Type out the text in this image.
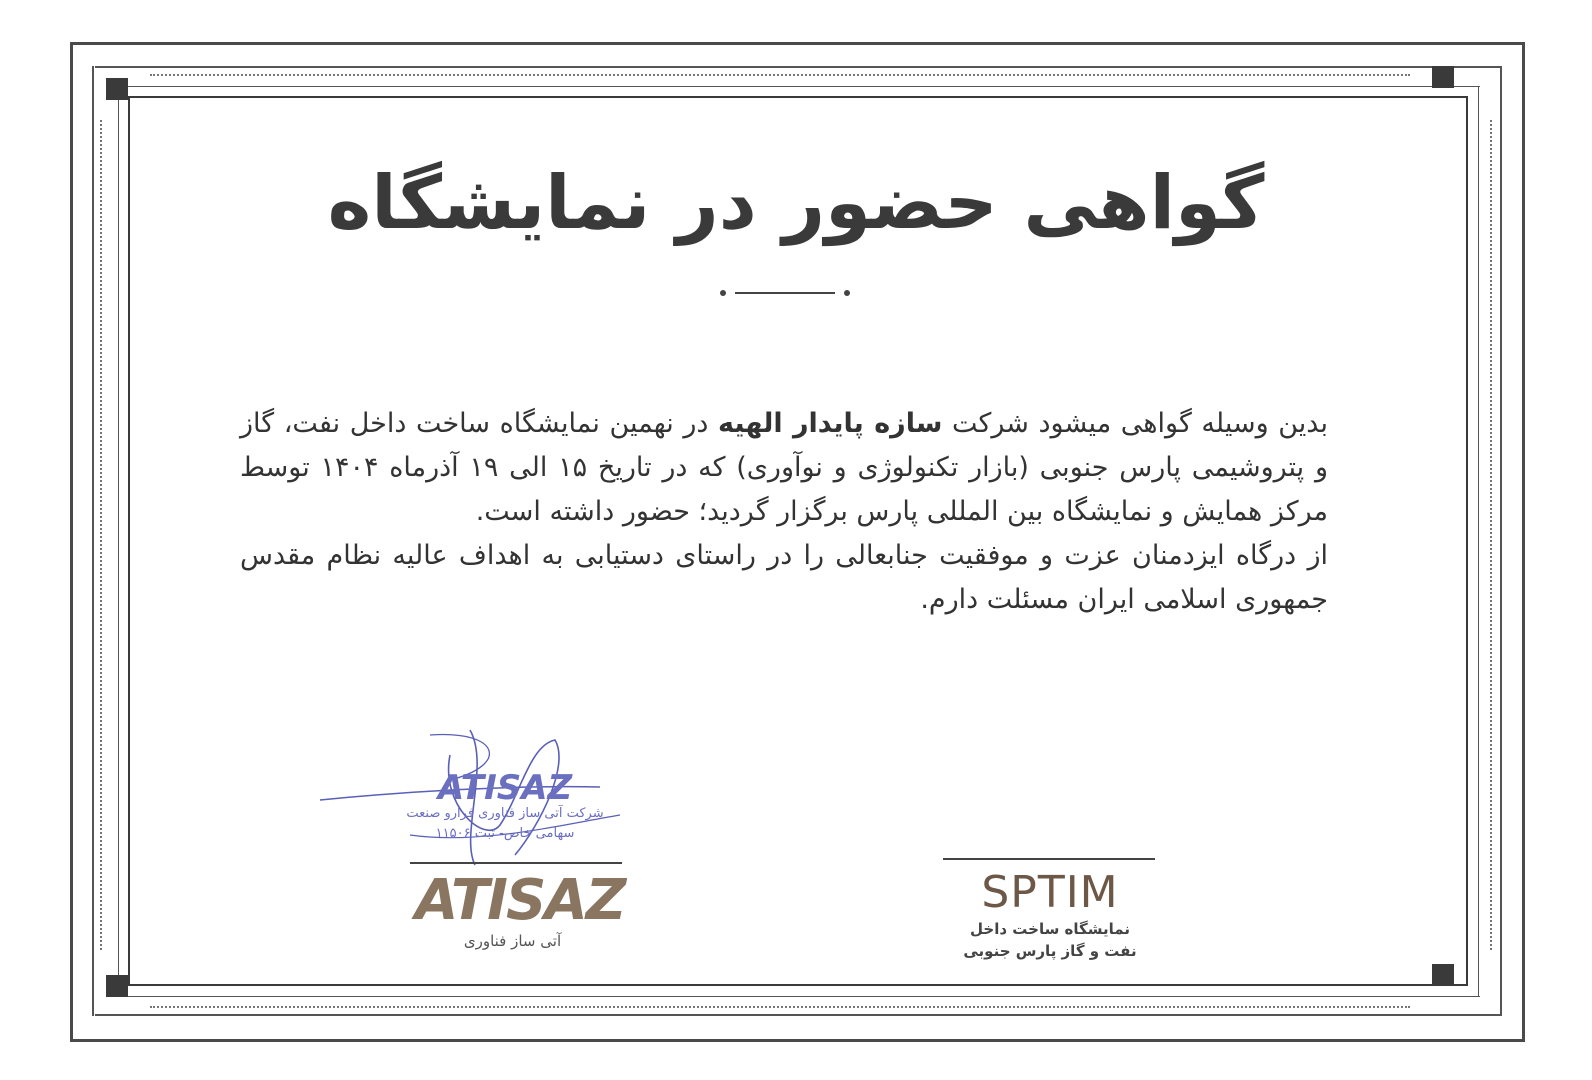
گواهی حضور در نمایشگاه

بدین وسیله گواهی میشود شرکت سازه پایدار الهیه در نهمین نمایشگاه ساخت داخل نفت، گاز و پتروشیمی پارس جنوبی (بازار تکنولوژی و نوآوری) که در تاریخ ۱۵ الی ۱۹ آذرماه ۱۴۰۴ توسط مرکز همایش و نمایشگاه بین المللی پارس برگزار گردید؛ حضور داشته است.

از درگاه ایزدمنان عزت و موفقیت جنابعالی را در راستای دستیابی به اهداف عالیه نظام مقدس جمهوری اسلامی ایران مسئلت دارم.

ATISAZ
شرکت آتی ساز فناوری فرارو صنعت
سهامی خاص- ثبت ۱۱۵۰۶
ATISAZ
آتی ساز فناوری
SPTIM
نمایشگاه ساخت داخل
نفت و گاز پارس جنوبی
